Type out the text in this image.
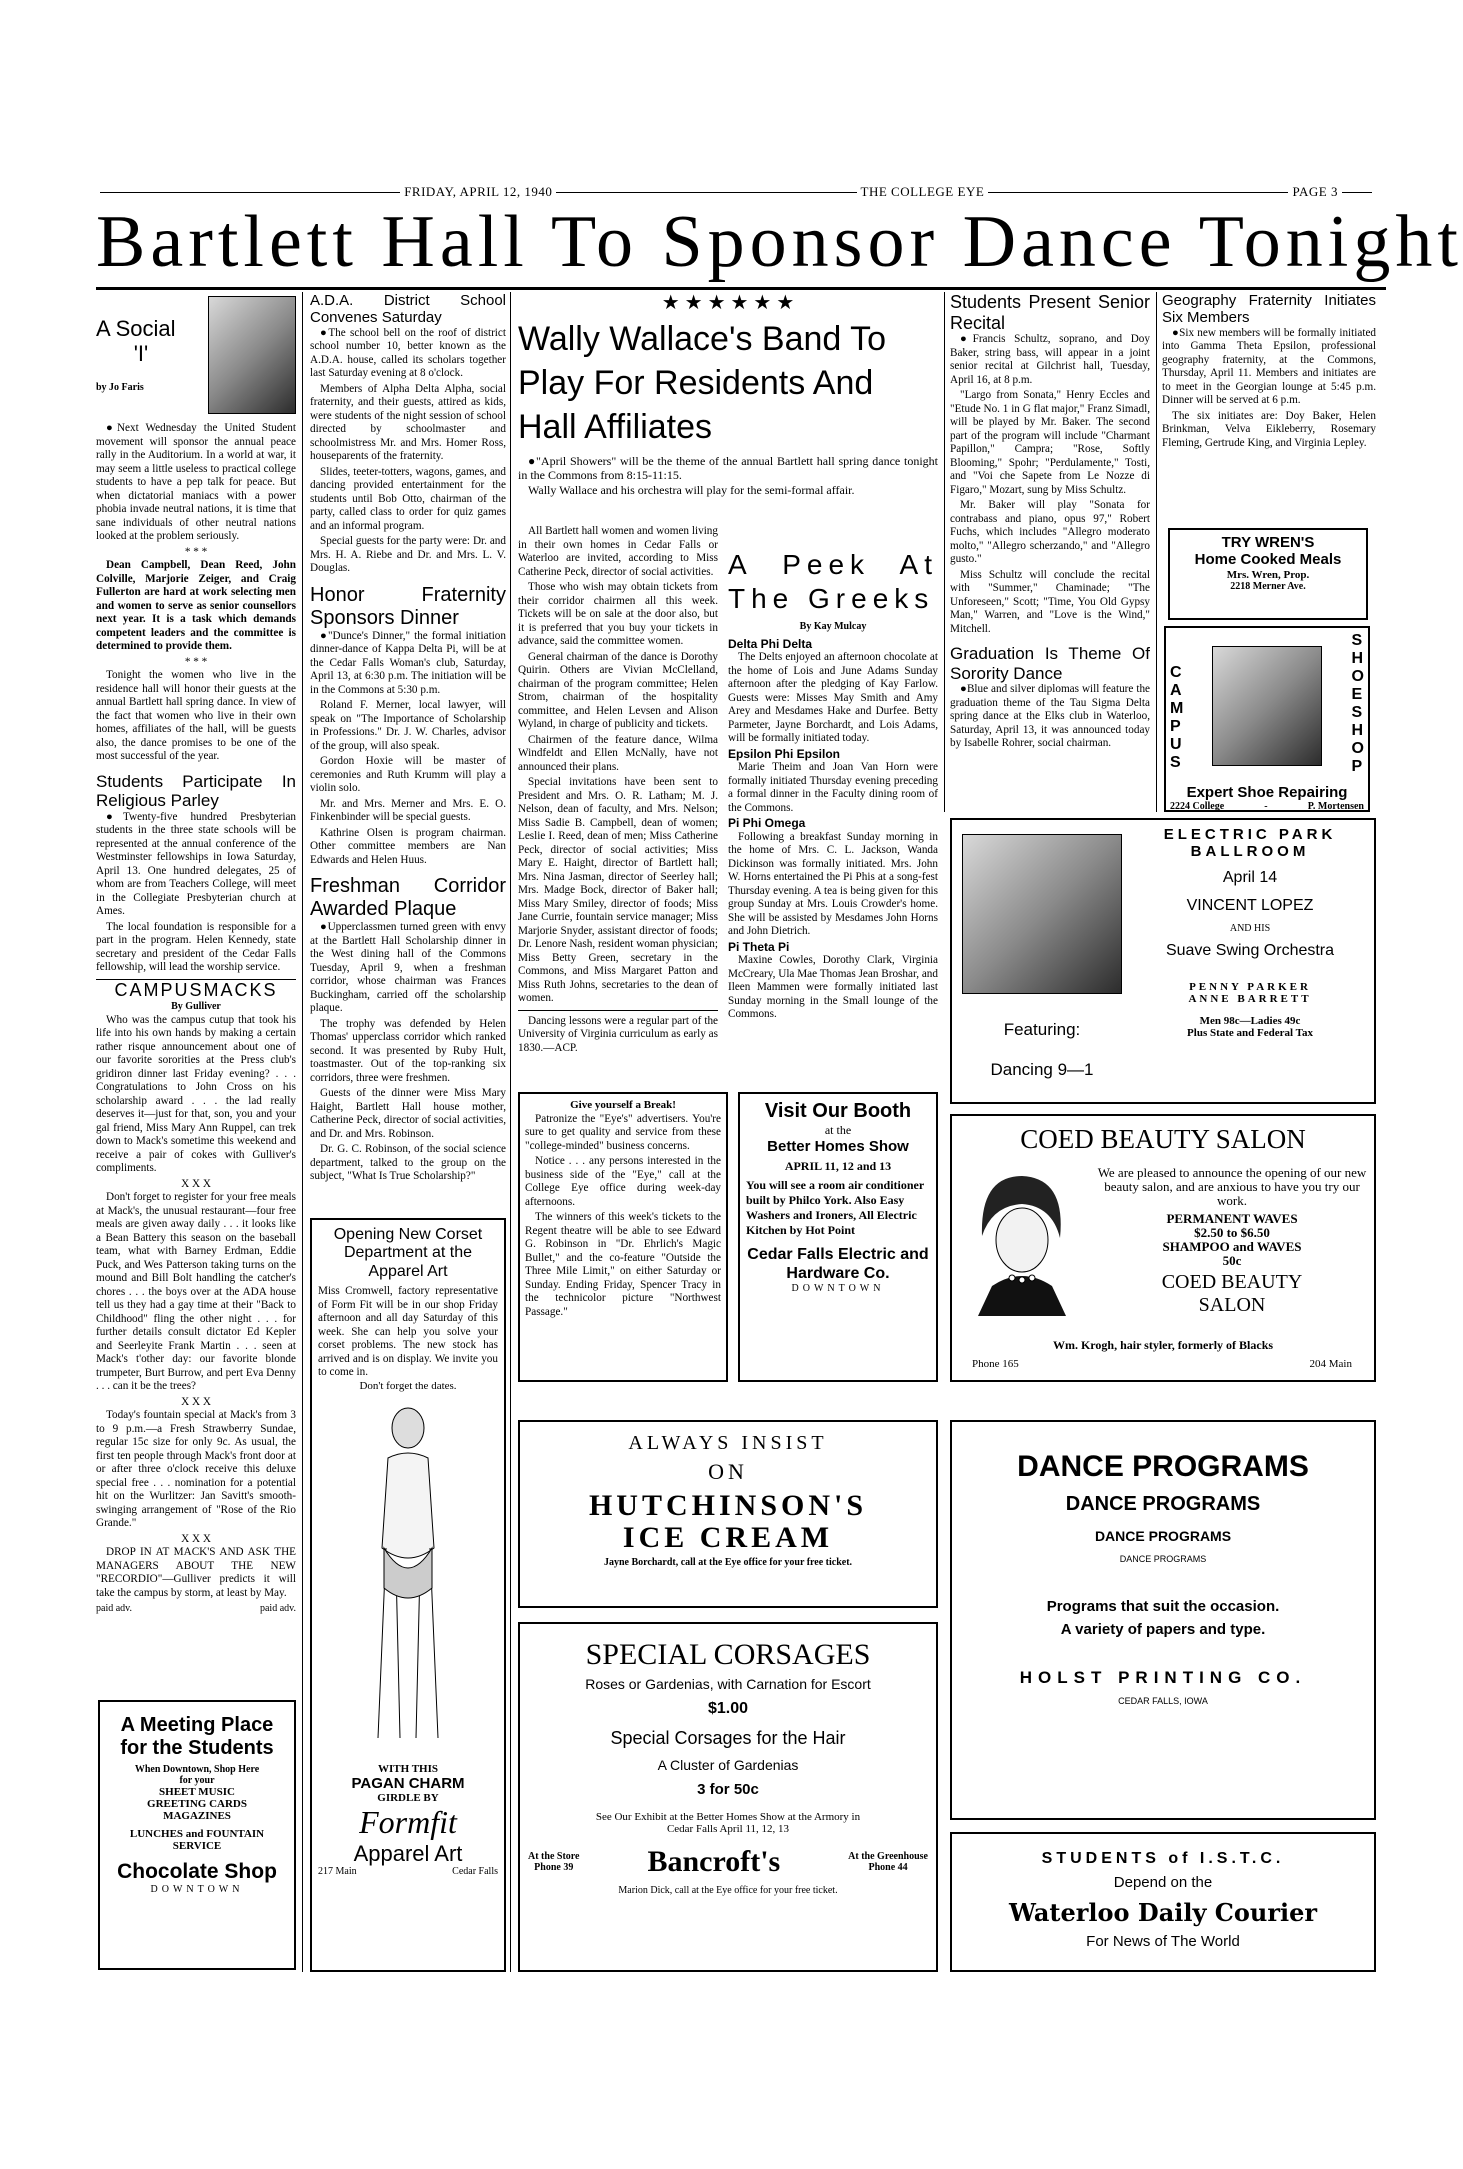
FRIDAY, APRIL 12, 1940	THE COLLEGE EYE	PAGE 3
Bartlett Hall To Sponsor Dance Tonight
A Social
'I'
by Jo Faris

● Next Wednesday the United Student movement will sponsor the annual peace rally in the Auditorium. In a world at war, it may seem a little useless to practical college students to have a pep talk for peace. But when dictatorial maniacs with a power phobia invade neutral nations, it is time that sane individuals of other neutral nations looked at the problem seriously.

* * *

Dean Campbell, Dean Reed, John Colville, Marjorie Zeiger, and Craig Fullerton are hard at work selecting men and women to serve as senior counsellors next year. It is a task which demands competent leaders and the committee is determined to provide them.

* * *

Tonight the women who live in the residence hall will honor their guests at the annual Bartlett hall spring dance. In view of the fact that women who live in their own homes, affiliates of the hall, will be guests also, the dance promises to be one of the most successful of the year.

Students Participate In Religious Parley

● Twenty-five hundred Presbyterian students in the three state schools will be represented at the annual conference of the Westminster fellowships in Iowa Saturday, April 13. One hundred delegates, 25 of whom are from Teachers College, will meet in the Collegiate Presbyterian church at Ames.

The local foundation is responsible for a part in the program. Helen Kennedy, state secretary and president of the Cedar Falls fellowship, will lead the worship service.

CAMPUSMACKS
By Gulliver

Who was the campus cutup that took his life into his own hands by making a certain rather risque announcement about one of our favorite sororities at the Press club's gridiron dinner last Friday evening? . . . Congratulations to John Cross on his scholarship award . . . the lad really deserves it—just for that, son, you and your gal friend, Miss Mary Ann Ruppel, can trek down to Mack's sometime this weekend and receive a pair of cokes with Gulliver's compliments.

X X X

Don't forget to register for your free meals at Mack's, the unusual restaurant—four free meals are given away daily . . . it looks like a Bean Battery this season on the baseball team, what with Barney Erdman, Eddie Puck, and Wes Patterson taking turns on the mound and Bill Bolt handling the catcher's chores . . . the boys over at the ADA house tell us they had a gay time at their "Back to Childhood" fling the other night . . . for further details consult dictator Ed Kepler and Seerleyite Frank Martin . . . seen at Mack's t'other day: our favorite blonde trumpeter, Burt Burrow, and pert Eva Denny . . . can it be the trees?

X X X

Today's fountain special at Mack's from 3 to 9 p.m.—a Fresh Strawberry Sundae, regular 15c size for only 9c. As usual, the first ten people through Mack's front door at or after three o'clock receive this deluxe special free . . . nomination for a potential hit on the Wurlitzer: Jan Savitt's smooth-swinging arrangement of "Rose of the Rio Grande."

X X X

DROP IN AT MACK'S AND ASK THE MANAGERS ABOUT THE NEW "RECORDIO"—Gulliver predicts it will take the campus by storm, at least by May.

paid adv.	paid adv.
A Meeting Place
for the Students
When Downtown, Shop Here
for your
SHEET MUSIC
GREETING CARDS
MAGAZINES
LUNCHES and FOUNTAIN
SERVICE
Chocolate Shop
DOWNTOWN
A.D.A. District School Convenes Saturday

● The school bell on the roof of district school number 10, better known as the A.D.A. house, called its scholars together last Saturday evening at 8 o'clock.

Members of Alpha Delta Alpha, social fraternity, and their guests, attired as kids, were students of the night session of school directed by schoolmaster and schoolmistress Mr. and Mrs. Homer Ross, houseparents of the fraternity.

Slides, teeter-totters, wagons, games, and dancing provided entertainment for the students until Bob Otto, chairman of the party, called class to order for quiz games and an informal program.

Special guests for the party were: Dr. and Mrs. H. A. Riebe and Dr. and Mrs. L. V. Douglas.

Honor Fraternity Sponsors Dinner

● "Dunce's Dinner," the formal initiation dinner-dance of Kappa Delta Pi, will be at the Cedar Falls Woman's club, Saturday, April 13, at 6:30 p.m. The initiation will be in the Commons at 5:30 p.m.

Roland F. Merner, local lawyer, will speak on "The Importance of Scholarship in Professions." Dr. J. W. Charles, advisor of the group, will also speak.

Gordon Hoxie will be master of ceremonies and Ruth Krumm will play a violin solo.

Mr. and Mrs. Merner and Mrs. E. O. Finkenbinder will be special guests.

Kathrine Olsen is program chairman. Other committee members are Nan Edwards and Helen Huus.

Freshman Corridor Awarded Plaque

● Upperclassmen turned green with envy at the Bartlett Hall Scholarship dinner in the West dining hall of the Commons Tuesday, April 9, when a freshman corridor, whose chairman was Frances Buckingham, carried off the scholarship plaque.

The trophy was defended by Helen Thomas' upperclass corridor which ranked second. It was presented by Ruby Hult, toastmaster. Out of the top-ranking six corridors, three were freshmen.

Guests of the dinner were Miss Mary Haight, Bartlett Hall house mother, Catherine Peck, director of social activities, and Dr. and Mrs. Robinson.

Dr. G. C. Robinson, of the social science department, talked to the group on the subject, "What Is True Scholarship?"

Opening New Corset Department at the Apparel Art
Miss Cromwell, factory representative of Form Fit will be in our shop Friday afternoon and all day Saturday of this week. She can help you solve your corset problems. The new stock has arrived and is on display. We invite you to come in.
Don't forget the dates.
WITH THIS
PAGAN CHARM
GIRDLE BY
Formfit
Apparel Art
217 Main	Cedar Falls
★ ★ ★ ★ ★ ★
Wally Wallace's Band To Play For Residents And Hall Affiliates

● "April Showers" will be the theme of the annual Bartlett hall spring dance tonight in the Commons from 8:15-11:15.

Wally Wallace and his orchestra will play for the semi-formal affair.

All Bartlett hall women and women living in their own homes in Cedar Falls or Waterloo are invited, according to Miss Catherine Peck, director of social activities.

Those who wish may obtain tickets from their corridor chairmen all this week. Tickets will be on sale at the door also, but it is preferred that you buy your tickets in advance, said the committee women.

General chairman of the dance is Dorothy Quirin. Others are Vivian McClelland, chairman of the program committee; Helen Strom, chairman of the hospitality committee, and Helen Levsen and Alison Wyland, in charge of publicity and tickets.

Chairmen of the feature dance, Wilma Windfeldt and Ellen McNally, have not announced their plans.

Special invitations have been sent to President and Mrs. O. R. Latham; M. J. Nelson, dean of faculty, and Mrs. Nelson; Miss Sadie B. Campbell, dean of women; Leslie I. Reed, dean of men; Miss Catherine Peck, director of social activities; Miss Mary E. Haight, director of Bartlett hall; Mrs. Nina Jasman, director of Seerley hall; Mrs. Madge Bock, director of Baker hall; Miss Mary Smiley, director of foods; Miss Jane Currie, fountain service manager; Miss Marjorie Snyder, assistant director of foods; Dr. Lenore Nash, resident woman physician; Miss Betty Green, secretary in the Commons, and Miss Margaret Patton and Miss Ruth Johns, secretaries to the dean of women.

Dancing lessons were a regular part of the University of Virginia curriculum as early as 1830.—ACP.

A Peek At The Greeks
By Kay Mulcay
Delta Phi Delta

The Delts enjoyed an afternoon chocolate at the home of Lois and June Adams Sunday afternoon after the pledging of Kay Farlow. Guests were: Misses May Smith and Amy Arey and Mesdames Hake and Durfee. Betty Parmeter, Jayne Borchardt, and Lois Adams, will be formally initiated today.

Epsilon Phi Epsilon

Marie Theim and Joan Van Horn were formally initiated Thursday evening preceding a formal dinner in the Faculty dining room of the Commons.

Pi Phi Omega

Following a breakfast Sunday morning in the home of Mrs. C. L. Jackson, Wanda Dickinson was formally initiated. Mrs. John W. Horns entertained the Pi Phis at a song-fest Thursday evening. A tea is being given for this group Sunday at Mrs. Louis Crowder's home. She will be assisted by Mesdames John Horns and John Dietrich.

Pi Theta Pi

Maxine Cowles, Dorothy Clark, Virginia McCreary, Ula Mae Thomas Jean Broshar, and Ileen Mammen were formally initiated last Sunday morning in the Small lounge of the Commons.

Give yourself a Break!

Patronize the "Eye's" advertisers. You're sure to get quality and service from these "college-minded" business concerns.

Notice . . . any persons interested in the business side of the "Eye," call at the College Eye office during week-day afternoons.

The winners of this week's tickets to the Regent theatre will be able to see Edward G. Robinson in "Dr. Ehrlich's Magic Bullet," and the co-feature "Outside the Three Mile Limit," on either Saturday or Sunday. Ending Friday, Spencer Tracy in the technicolor picture "Northwest Passage."

Visit Our Booth
at the
Better Homes Show
APRIL 11, 12 and 13
You will see a room air conditioner built by Philco York. Also Easy Washers and Ironers, All Electric Kitchen by Hot Point
Cedar Falls Electric and Hardware Co.
DOWNTOWN
Students Present Senior Recital

● Francis Schultz, soprano, and Doy Baker, string bass, will appear in a joint senior recital at Gilchrist hall, Tuesday, April 16, at 8 p.m.

"Largo from Sonata," Henry Eccles and "Etude No. 1 in G flat major," Franz Simadl, will be played by Mr. Baker. The second part of the program will include "Charmant Papillon," Campra; "Rose, Softly Blooming," Spohr; "Perdulamente," Tosti, and "Voi che Sapete from Le Nozze di Figaro," Mozart, sung by Miss Schultz.

Mr. Baker will play "Sonata for contrabass and piano, opus 97," Robert Fuchs, which includes "Allegro moderato molto," "Allegro scherzando," and "Allegro gusto."

Miss Schultz will conclude the recital with "Summer," Chaminade; "The Unforeseen," Scott; "Time, You Old Gypsy Man," Warren, and "Love is the Wind," Mitchell.

Graduation Is Theme Of Sorority Dance

● Blue and silver diplomas will feature the graduation theme of the Tau Sigma Delta spring dance at the Elks club in Waterloo, Saturday, April 13, it was announced today by Isabelle Rohrer, social chairman.

Geography Fraternity Initiates Six Members

● Six new members will be formally initiated into Gamma Theta Epsilon, professional geography fraternity, at the Commons, Thursday, April 11. Members and initiates are to meet in the Georgian lounge at 5:45 p.m. Dinner will be served at 6 p.m.

The six initiates are: Doy Baker, Helen Brinkman, Velva Eikleberry, Rosemary Fleming, Gertrude King, and Virginia Lepley.

TRY WREN'S
Home Cooked Meals
Mrs. Wren, Prop.
2218 Merner Ave.
C
A
M
P
U
S
S
H
O
E
S
H
O
P
Expert Shoe Repairing
2224 College	-	P. Mortensen
Featuring:
Dancing 9—1
ELECTRIC PARK
BALLROOM
April 14
VINCENT LOPEZ
AND HIS
Suave Swing Orchestra
PENNY PARKER
ANNE BARRETT
Men 98c—Ladies 49c
Plus State and Federal Tax
COED BEAUTY SALON
We are pleased to announce the opening of our new beauty salon, and are anxious to have you try our work.
PERMANENT WAVES
$2.50 to $6.50
SHAMPOO and WAVES
50c
COED BEAUTY
SALON
Wm. Krogh, hair styler, formerly of Blacks
Phone 165	204 Main
ALWAYS INSIST
ON
HUTCHINSON'S
ICE CREAM
Jayne Borchardt, call at the Eye office for your free ticket.
SPECIAL CORSAGES
Roses or Gardenias, with Carnation for Escort
$1.00
Special Corsages for the Hair
A Cluster of Gardenias
3 for 50c
See Our Exhibit at the Better Homes Show at the Armory in Cedar Falls April 11, 12, 13
At the Store
Phone 39 Bancroft's	At the Greenhouse
Phone 44
Marion Dick, call at the Eye office for your free ticket.
DANCE PROGRAMS
DANCE PROGRAMS
DANCE PROGRAMS
DANCE PROGRAMS
Programs that suit the occasion.
A variety of papers and type.
HOLST PRINTING CO.
CEDAR FALLS, IOWA
STUDENTS of I.S.T.C.
Depend on the
Waterloo Daily Courier
For News of The World
